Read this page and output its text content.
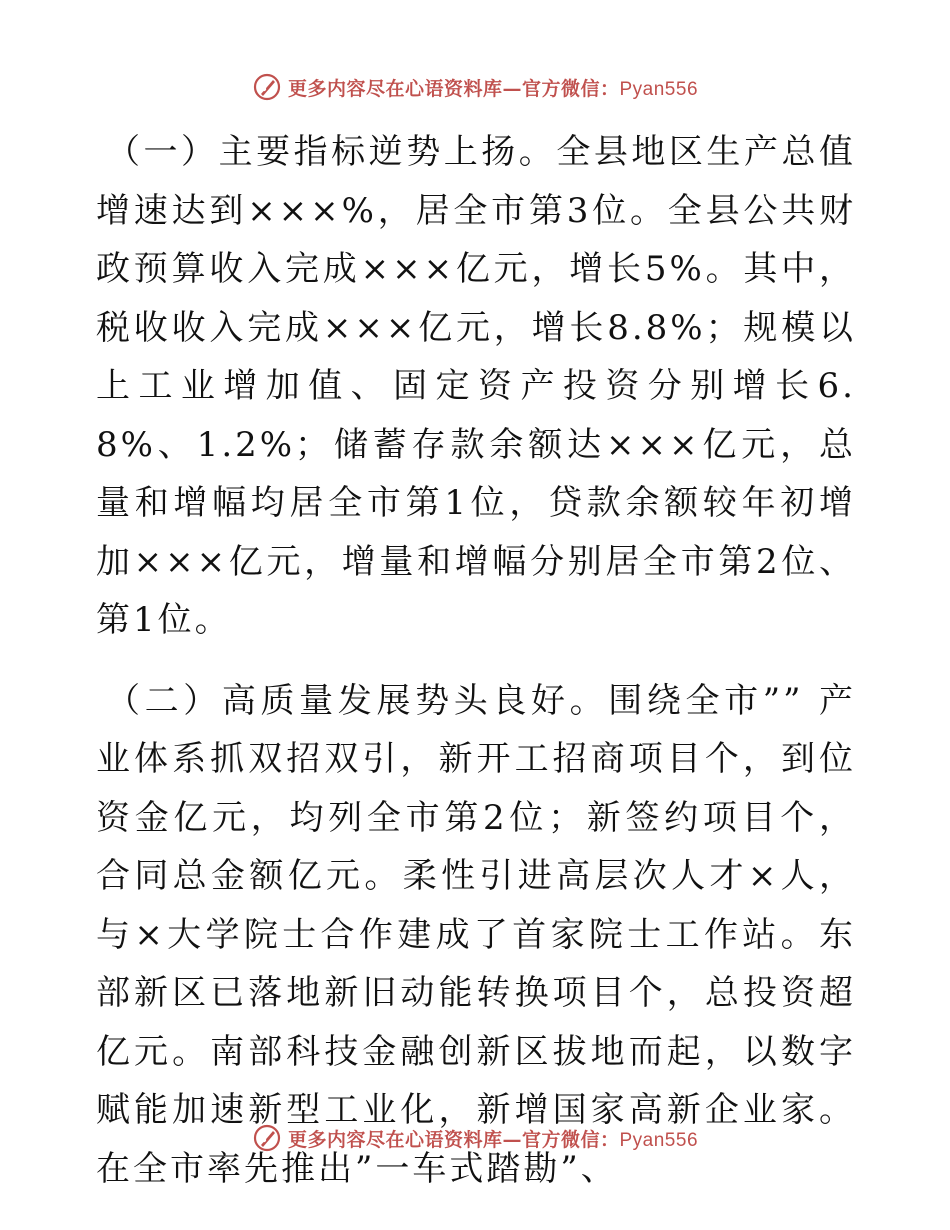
更多内容尽在心语资料库—官方微信：Pyan556

（一）主要指标逆势上扬。全县地区生产总值增速达到×××%，居全市第3位。全县公共财政预算收入完成×××亿元，增长5%。其中，税收收入完成×××亿元，增长8.8%；规模以上工业增加值、固定资产投资分别增长6.8%、1.2%；储蓄存款余额达×××亿元，总量和增幅均居全市第1位，贷款余额较年初增加×××亿元，增量和增幅分别居全市第2位、第1位。

（二）高质量发展势头良好。围绕全市”” 产业体系抓双招双引，新开工招商项目个，到位资金亿元，均列全市第2位；新签约项目个，合同总金额亿元。柔性引进高层次人才×人，与×大学院士合作建成了首家院士工作站。东部新区已落地新旧动能转换项目个，总投资超亿元。南部科技金融创新区拔地而起，以数字赋能加速新型工业化，新增国家高新企业家。在全市率先推出”一车式踏勘”、

更多内容尽在心语资料库—官方微信：Pyan556
